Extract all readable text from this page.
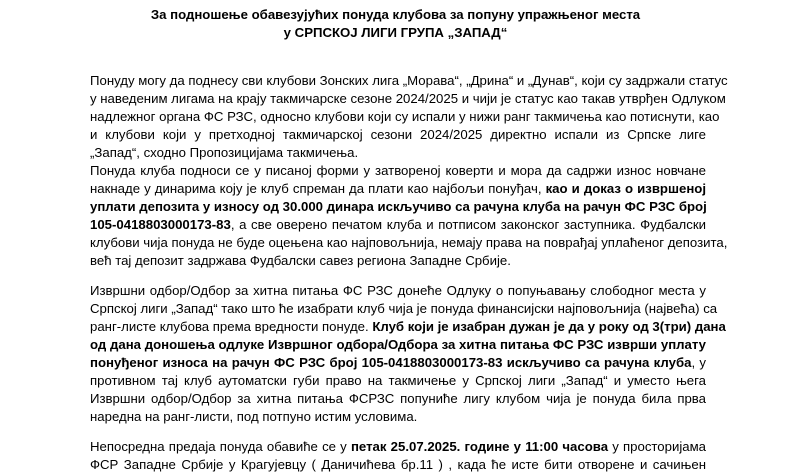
За подношење обавезујућих понуда клубова за попуну упражњеног места
у СРПСКОЈ ЛИГИ ГРУПА „ЗАПАД“
Понуду могу да поднесу сви клубови Зонских лига „Морава“, „Дрина“ и „Дунав“, који су задржали статус
у наведеним лигама на крају такмичарске сезоне 2024/2025 и чији је статус као такав утврђен Одлуком
надлежног органа ФС РЗС, односно клубови који су испали у нижи ранг такмичења као потиснути, као
и клубови који у претходној такмичарској сезони 2024/2025 директно испали из Српске лиге
„Запад“, сходно Пропозицијама такмичења.
Понуда клуба подноси се у писаној форми у затвореној коверти и мора да садржи износ новчане
накнаде у динарима коју је клуб спреман да плати као најбољи понуђач, као и доказ о извршеној
уплати депозита у износу од 30.000 динара искључиво са рачуна клуба на рачун ФС РЗС број
105-0418803000173-83, а све оверено печатом клуба и потписом законског заступника. Фудбалски
клубови чија понуда не буде оцењена као најповољнија, немају права на поврађај уплаћеног депозита,
већ тај депозит задржава Фудбалски савез региона Западне Србије.
Извршни одбор/Одбор за хитна питања ФС РЗС донеће Одлуку о попуњавању слободног места у
Српској лиги „Запад“ тако што ће изабрати клуб чија је понуда финансијски најповољнија (највећа) са
ранг-листе клубова према вредности понуде. Клуб који је изабран дужан је да у року од 3(три) дана
од дана доношења одлуке Извршног одбора/Одбора за хитна питања ФС РЗС изврши уплату
понуђеног износа на рачун ФС РЗС број 105-0418803000173-83 искључиво са рачуна клуба, у
противном тај клуб аутоматски губи право на такмичење у Српској лиги „Запад“ и уместо њега
Извршни одбор/Одбор за хитна питања ФСРЗС попуниће лигу клубом чија је понуда била прва
наредна на ранг-листи, под потпуно истим условима.
Непосредна предаја понуда обавиће се у петак 25.07.2025. године у 11:00 часова у просторијама
ФСР Западне Србије у Крагујевцу ( Даничићева бр.11 ) , када ће исте бити отворене и сачињен
